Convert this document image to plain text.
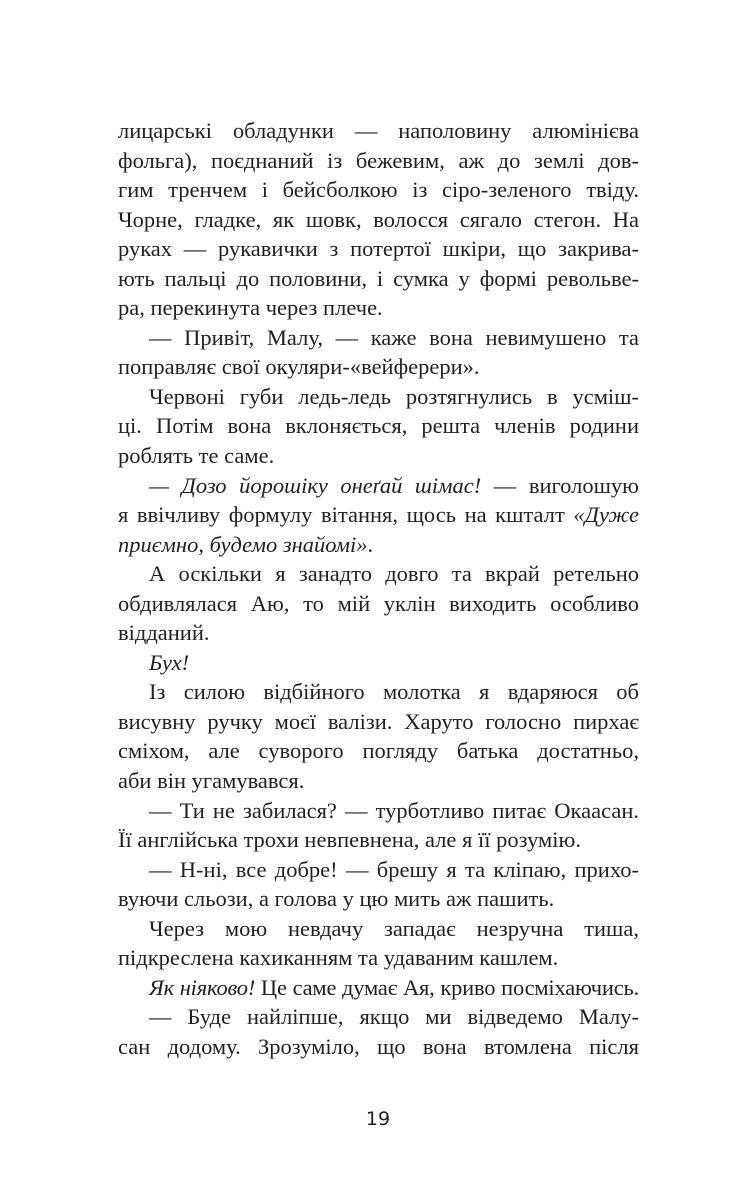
лицарські обладунки — наполовину алюмінієва
фольга), поєднаний із бежевим, аж до землі дов-
гим тренчем і бейсболкою із сіро-зеленого твіду.
Чорне, гладке, як шовк, волосся сягало стегон. На
руках — рукавички з потертої шкіри, що закрива-
ють пальці до половини, і сумка у формі револьве-
ра, перекинута через плече.
— Привіт, Малу, — каже вона невимушено та
поправляє свої окуляри-«вейферери».
Червоні губи ледь-ледь розтягнулись в усміш-
ці. Потім вона вклоняється, решта членів родини
роблять те саме.
— Дозо йорошіку онеґай шімас! — виголошую
я ввічливу формулу вітання, щось на кшталт «Дуже
приємно, будемо знайомі».
А оскільки я занадто довго та вкрай ретельно
обдивлялася Аю, то мій уклін виходить особливо
відданий.
Бух!
Із силою відбійного молотка я вдаряюся об
висувну ручку моєї валізи. Харуто голосно пирхає
сміхом, але суворого погляду батька достатньо,
аби він угамувався.
— Ти не забилася? — турботливо питає Окаасан.
Її англійська трохи невпевнена, але я її розумію.
— Н-ні, все добре! — брешу я та кліпаю, прихо-
вуючи сльози, а голова у цю мить аж пашить.
Через мою невдачу западає незручна тиша,
підкреслена кахиканням та удаваним кашлем.
Як ніяково! Це саме думає Ая, криво посміхаючись.
— Буде найліпше, якщо ми відведемо Малу-
сан додому. Зрозуміло, що вона втомлена після
19
